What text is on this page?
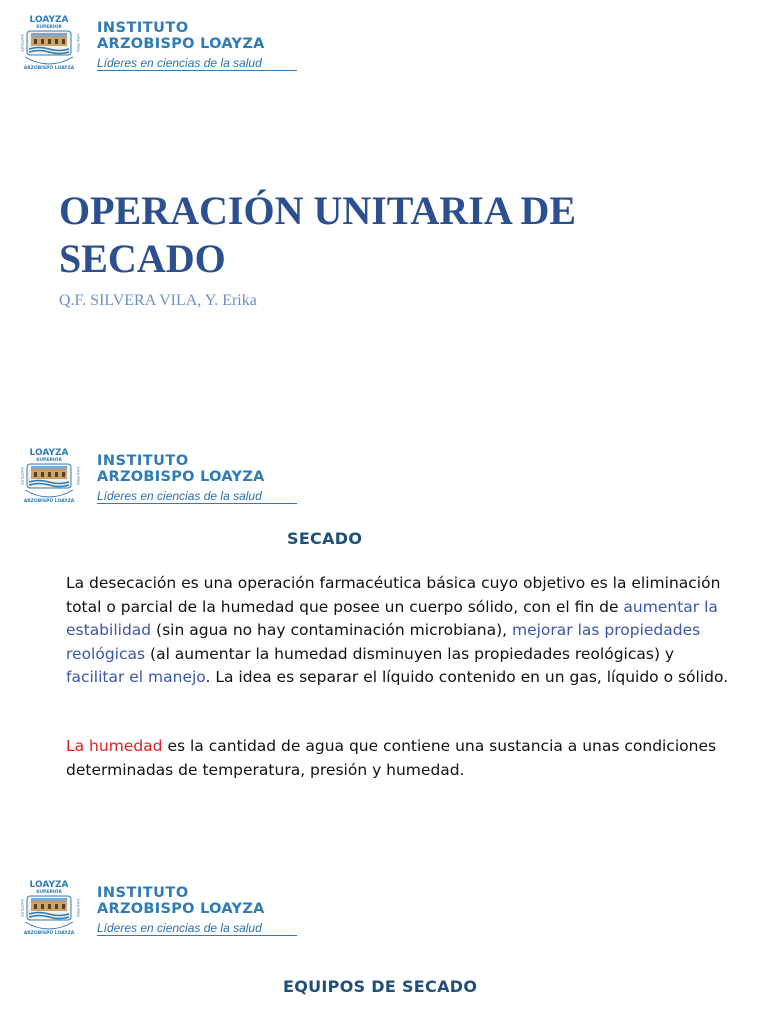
LOAYZA
SUPERIOR
ARZOBISPO LOAYZA
INSTITUTE	LIMA PERU

INSTITUTO

ARZOBISPO LOAYZA

Líderes en ciencias de la salud
OPERACIÓN UNITARIA DE SECADO

Q.F. SILVERA VILA, Y. Erika

LOAYZA
SUPERIOR
ARZOBISPO LOAYZA
INSTITUTE	LIMA PERU

INSTITUTO

ARZOBISPO LOAYZA

Líderes en ciencias de la salud
SECADO

La desecación es una operación farmacéutica básica cuyo objetivo es la eliminación total o parcial de la humedad que posee un cuerpo sólido, con el fin de aumentar la estabilidad (sin agua no hay contaminación microbiana), mejorar las propiedades reológicas (al aumentar la humedad disminuyen las propiedades reológicas) y facilitar el manejo. La idea es separar el líquido contenido en un gas, líquido o sólido.

La humedad es la cantidad de agua que contiene una sustancia a unas condiciones determinadas de temperatura, presión y humedad.

LOAYZA
SUPERIOR
ARZOBISPO LOAYZA
INSTITUTE	LIMA PERU

INSTITUTO

ARZOBISPO LOAYZA

Líderes en ciencias de la salud
EQUIPOS DE SECADO
